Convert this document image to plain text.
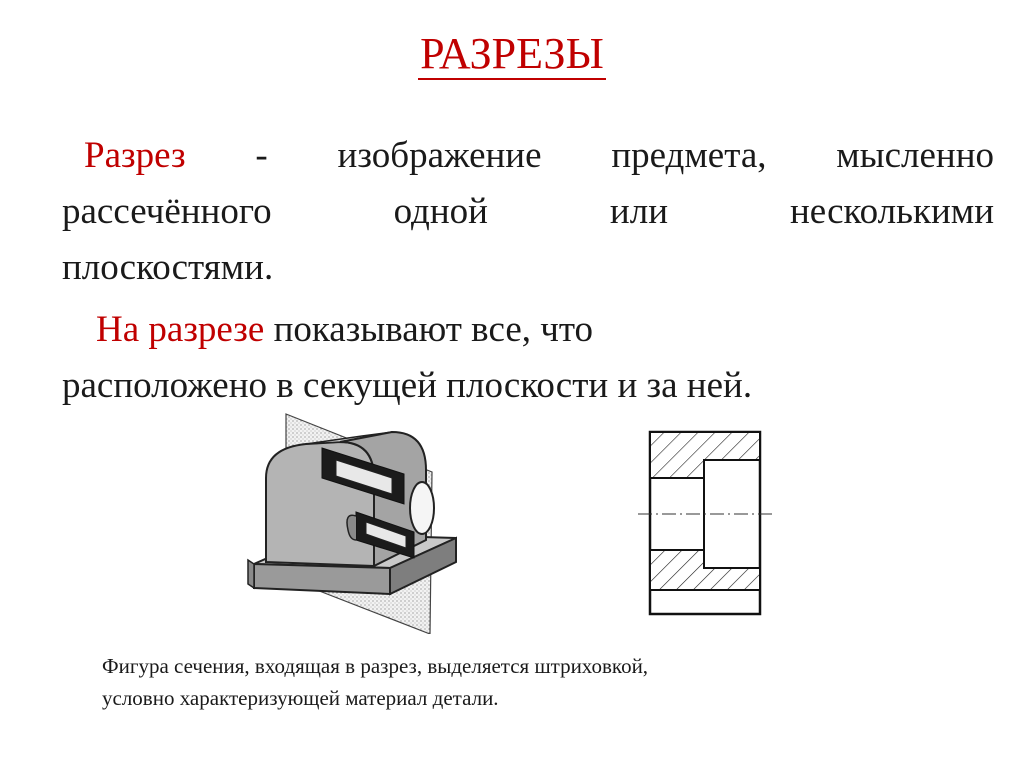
РАЗРЕЗЫ

Разрез - изображение предмета, мысленно
рассечённого одной или несколькими
плоскостями.

На разрезе показывают все, что
расположено в секущей плоскости и за ней.

Фигура сечения, входящая в разрез, выделяется штриховкой,
условно характеризующей материал детали.
